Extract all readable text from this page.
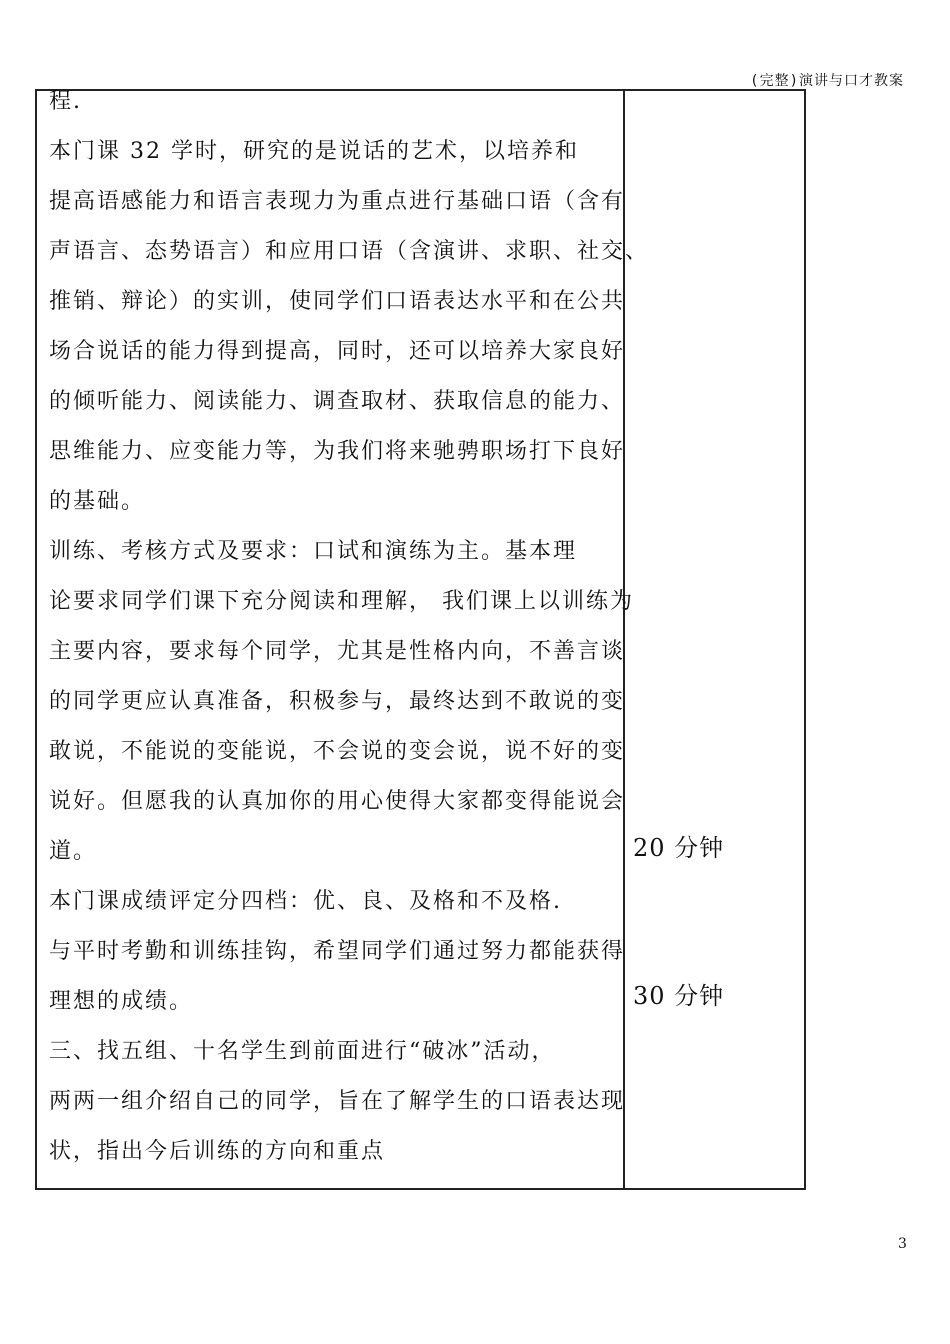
(完整)演讲与口才教案
程.
本门课 32 学时，研究的是说话的艺术，以培养和
提高语感能力和语言表现力为重点进行基础口语（含有
声语言、态势语言）和应用口语（含演讲、求职、社交、
推销、辩论）的实训，使同学们口语表达水平和在公共
场合说话的能力得到提高，同时，还可以培养大家良好
的倾听能力、阅读能力、调查取材、获取信息的能力、
思维能力、应变能力等，为我们将来驰骋职场打下良好
的基础。
训练、考核方式及要求：口试和演练为主。基本理
论要求同学们课下充分阅读和理解， 我们课上以训练为
主要内容，要求每个同学，尤其是性格内向，不善言谈
的同学更应认真准备，积极参与，最终达到不敢说的变
敢说，不能说的变能说，不会说的变会说，说不好的变
说好。但愿我的认真加你的用心使得大家都变得能说会
道。
本门课成绩评定分四档：优、良、及格和不及格.
与平时考勤和训练挂钩，希望同学们通过努力都能获得
理想的成绩。
三、找五组、十名学生到前面进行“破冰”活动，
两两一组介绍自己的同学，旨在了解学生的口语表达现
状，指出今后训练的方向和重点
20 分钟
30 分钟
3
